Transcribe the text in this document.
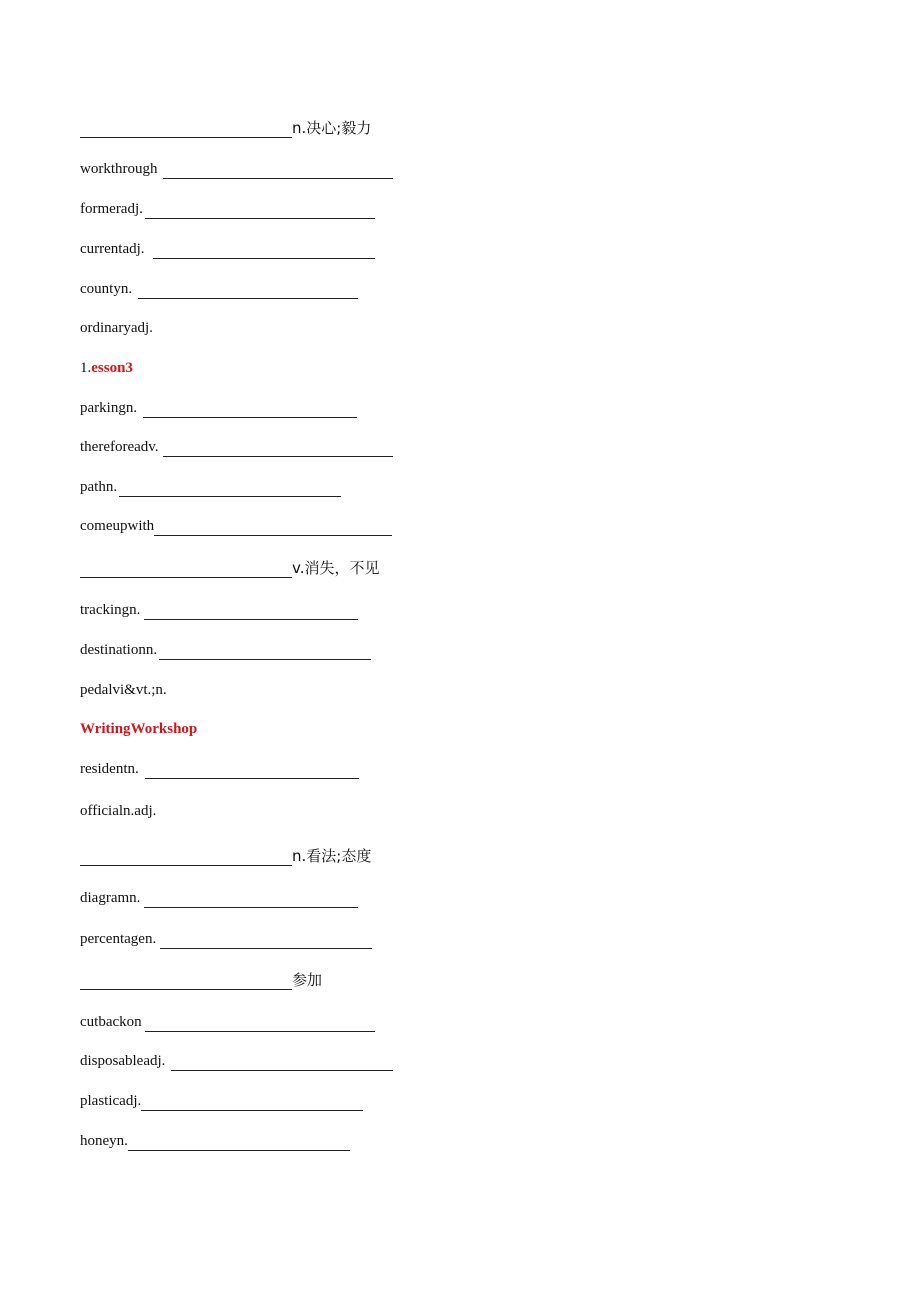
n.决心;毅力
workthrough
formeradj.
currentadj.
countyn.
ordinaryadj.
1. esson3
parkingn.
thereforeadv.
pathn.
comeupwith
v.消失，不见
trackingn.
destinationn.
pedalvi&vt.;n.
WritingWorkshop
residentn.
officialn.adj.
n.看法;态度
diagramn.
percentagen.
参加
cutbackon
disposableadj.
plasticadj.
honeyn.
